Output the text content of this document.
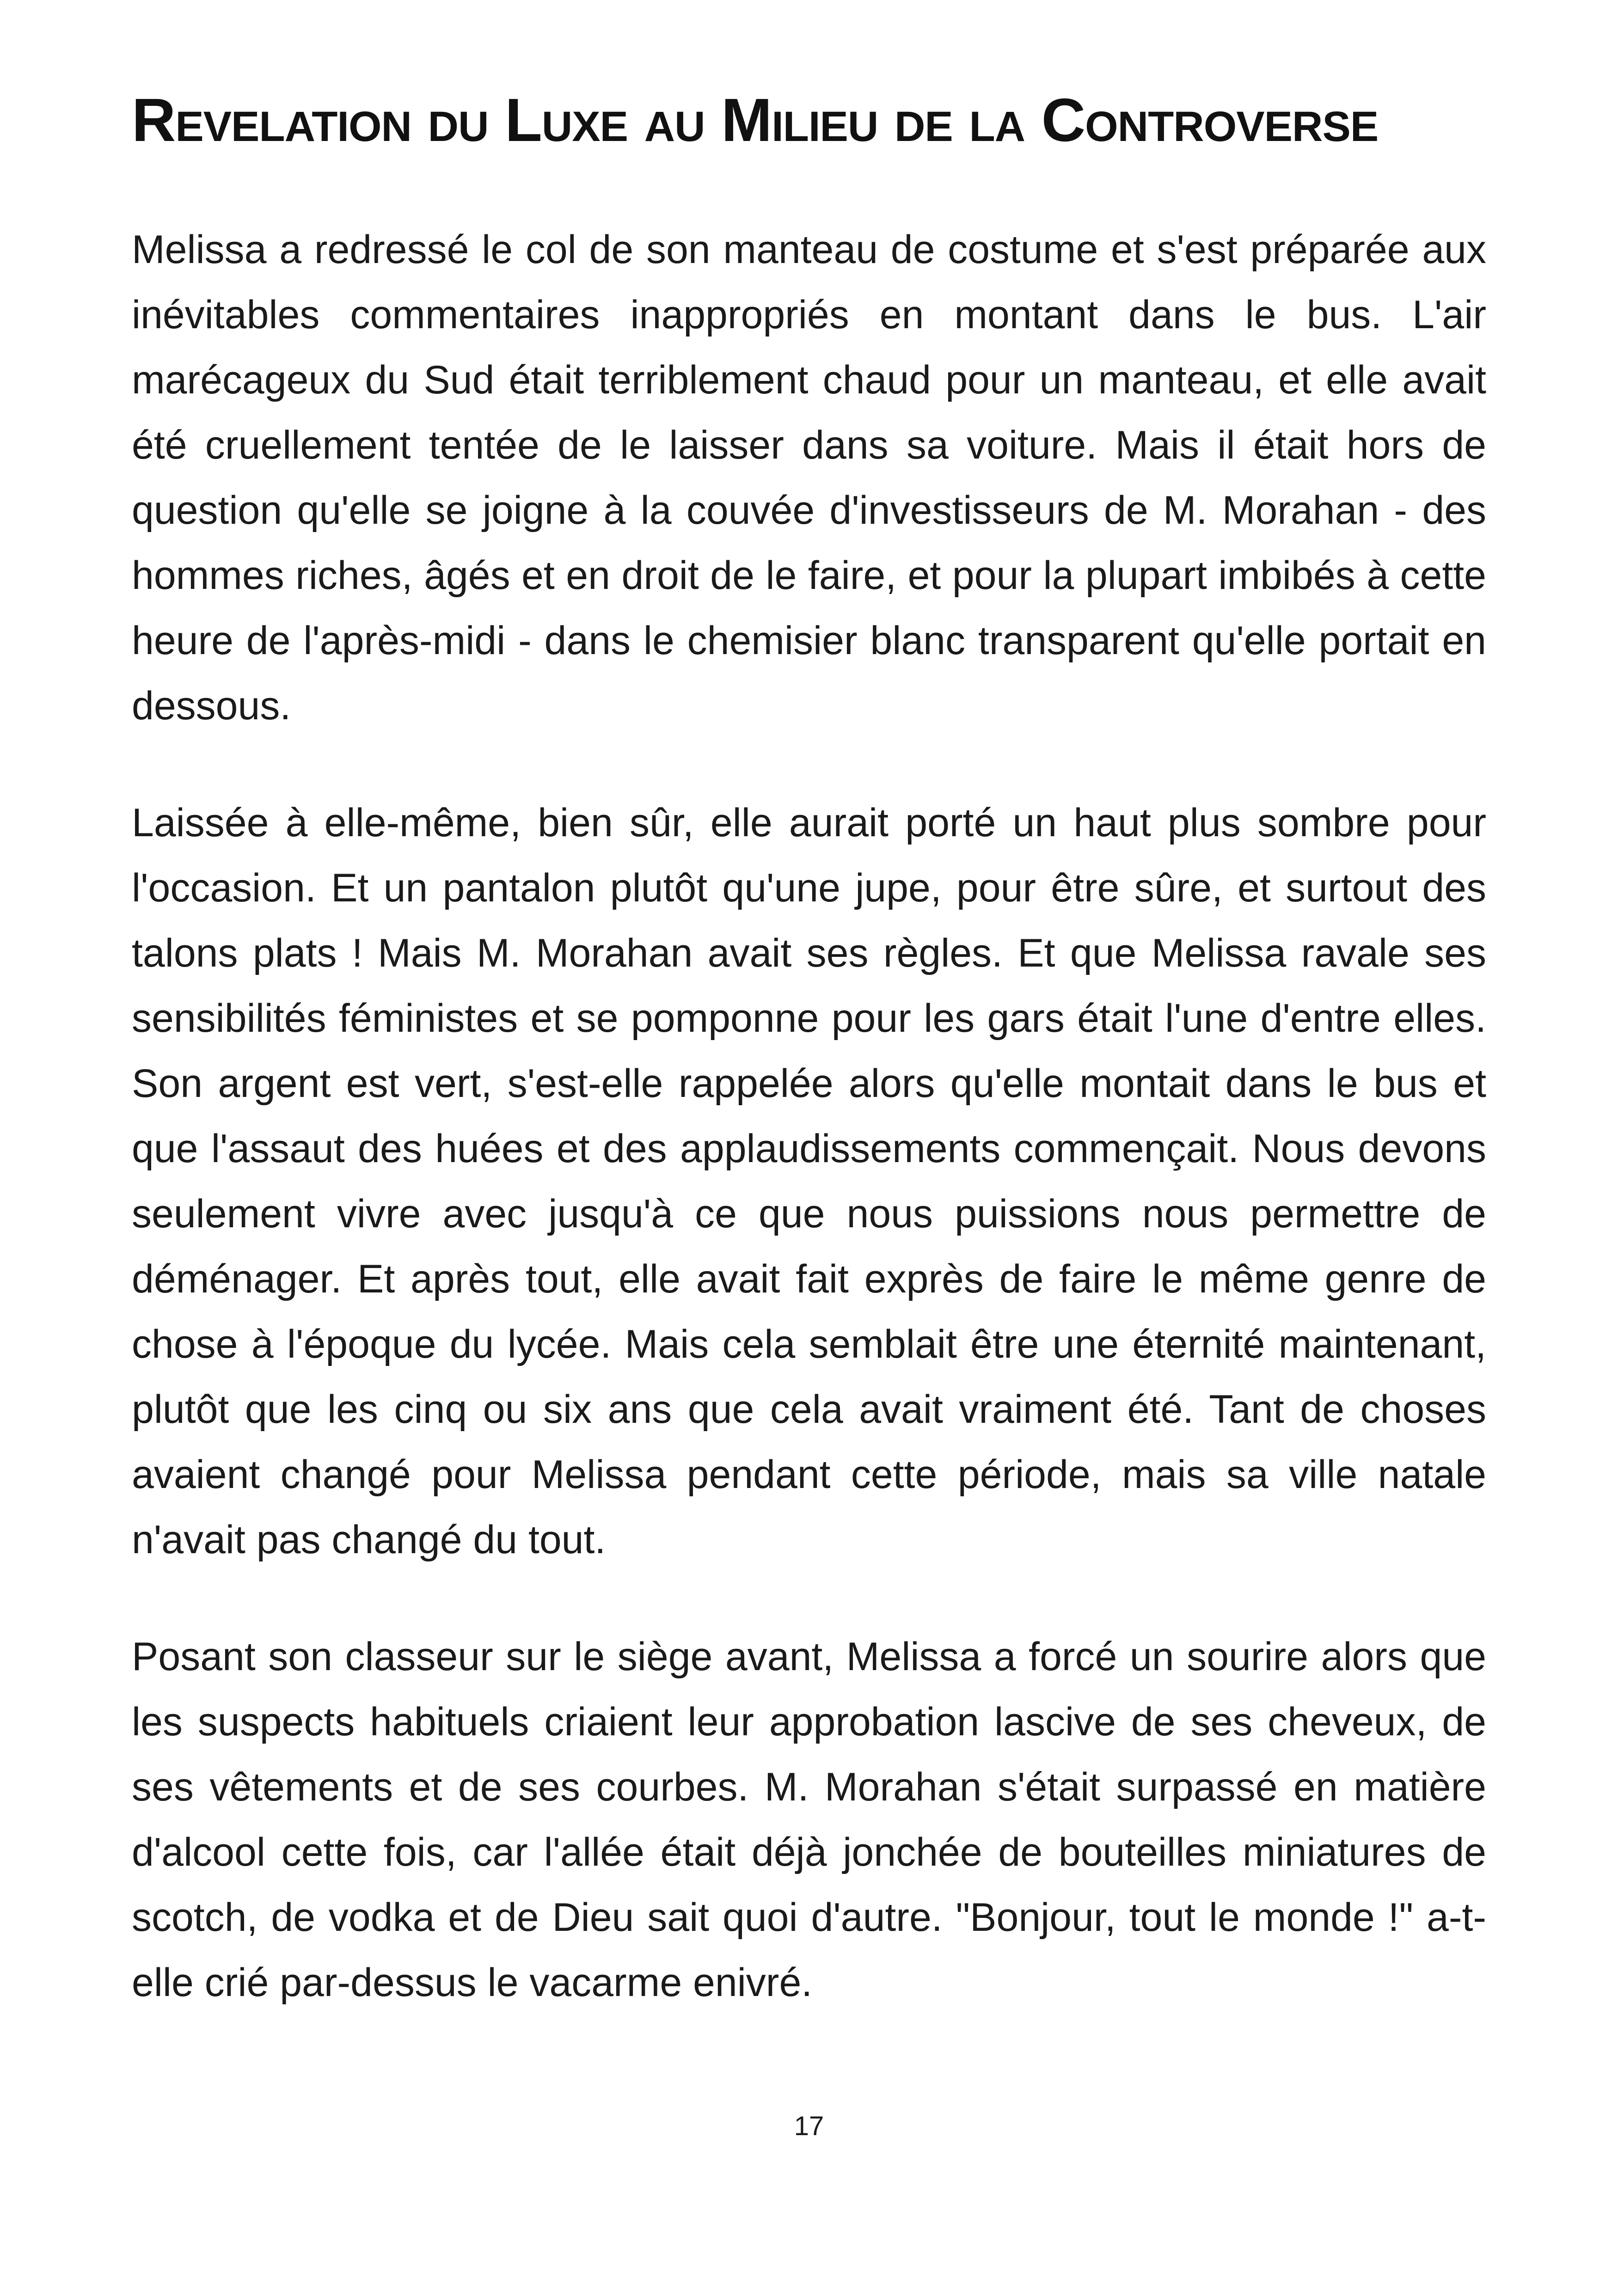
Revelation du Luxe au Milieu de la Controverse

Melissa a redressé le col de son manteau de costume et s'est préparée aux inévitables commentaires inappropriés en montant dans le bus. L'air marécageux du Sud était terriblement chaud pour un manteau, et elle avait été cruellement tentée de le laisser dans sa voiture. Mais il était hors de question qu'elle se joigne à la couvée d'investisseurs de M. Morahan - des hommes riches, âgés et en droit de le faire, et pour la plupart imbibés à cette heure de l'après-midi - dans le chemisier blanc transparent qu'elle portait en dessous.

Laissée à elle-même, bien sûr, elle aurait porté un haut plus sombre pour l'occasion. Et un pantalon plutôt qu'une jupe, pour être sûre, et surtout des talons plats ! Mais M. Morahan avait ses règles. Et que Melissa ravale ses sensibilités féministes et se pomponne pour les gars était l'une d'entre elles. Son argent est vert, s'est-elle rappelée alors qu'elle montait dans le bus et que l'assaut des huées et des applaudissements commençait. Nous devons seulement vivre avec jusqu'à ce que nous puissions nous permettre de déménager. Et après tout, elle avait fait exprès de faire le même genre de chose à l'époque du lycée. Mais cela semblait être une éternité maintenant, plutôt que les cinq ou six ans que cela avait vraiment été. Tant de choses avaient changé pour Melissa pendant cette période, mais sa ville natale n'avait pas changé du tout.

Posant son classeur sur le siège avant, Melissa a forcé un sourire alors que les suspects habituels criaient leur approbation lascive de ses cheveux, de ses vêtements et de ses courbes. M. Morahan s'était surpassé en matière d'alcool cette fois, car l'allée était déjà jonchée de bouteilles miniatures de scotch, de vodka et de Dieu sait quoi d'autre. "Bonjour, tout le monde !" a-t-elle crié par-dessus le vacarme enivré.

17
